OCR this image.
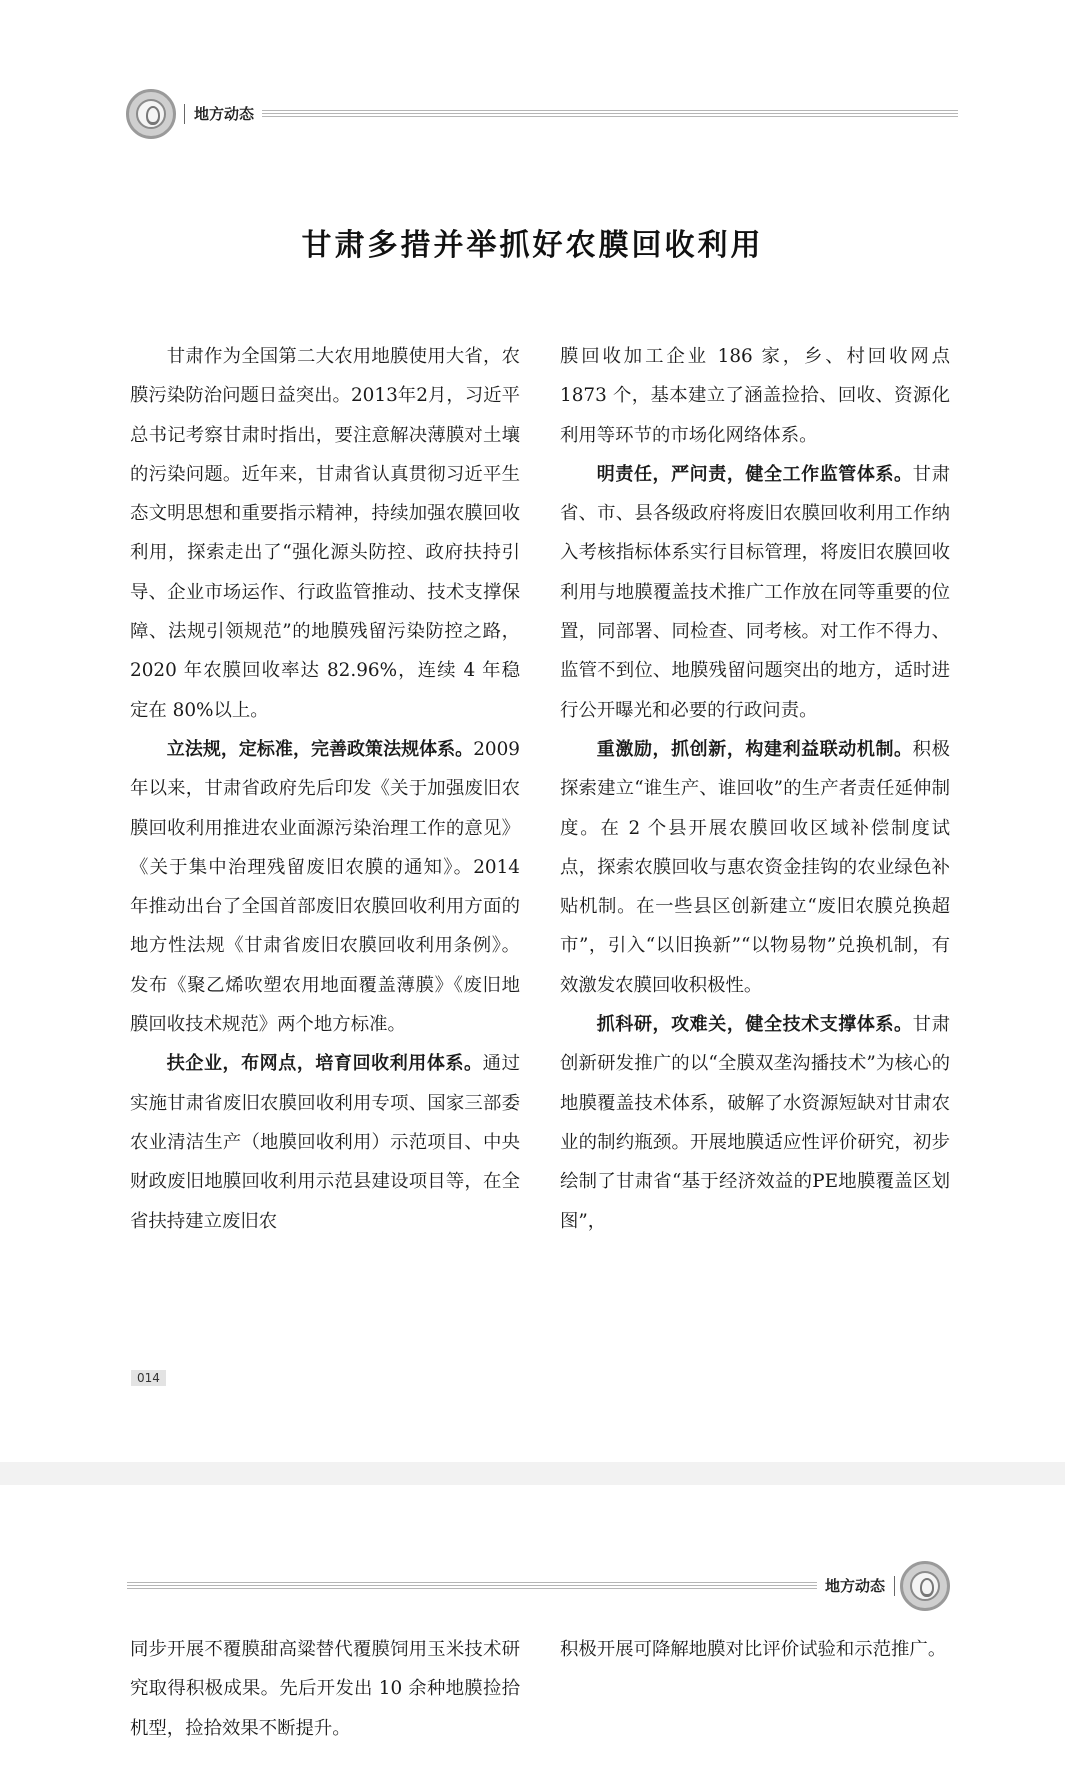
地方动态
甘肃多措并举抓好农膜回收利用

甘肃作为全国第二大农用地膜使用大省，农膜污染防治问题日益突出。2013年2月，习近平总书记考察甘肃时指出，要注意解决薄膜对土壤的污染问题。近年来，甘肃省认真贯彻习近平生态文明思想和重要指示精神，持续加强农膜回收利用，探索走出了“强化源头防控、政府扶持引导、企业市场运作、行政监管推动、技术支撑保障、法规引领规范”的地膜残留污染防控之路，2020 年农膜回收率达 82.96%，连续 4 年稳定在 80%以上。

立法规，定标准，完善政策法规体系。2009 年以来，甘肃省政府先后印发《关于加强废旧农膜回收利用推进农业面源污染治理工作的意见》《关于集中治理残留废旧农膜的通知》。2014 年推动出台了全国首部废旧农膜回收利用方面的地方性法规《甘肃省废旧农膜回收利用条例》。发布《聚乙烯吹塑农用地面覆盖薄膜》《废旧地膜回收技术规范》两个地方标准。

扶企业，布网点，培育回收利用体系。通过实施甘肃省废旧农膜回收利用专项、国家三部委农业清洁生产（地膜回收利用）示范项目、中央财政废旧地膜回收利用示范县建设项目等，在全省扶持建立废旧农

膜回收加工企业 186 家，乡、村回收网点 1873 个，基本建立了涵盖捡拾、回收、资源化利用等环节的市场化网络体系。

明责任，严问责，健全工作监管体系。甘肃省、市、县各级政府将废旧农膜回收利用工作纳入考核指标体系实行目标管理，将废旧农膜回收利用与地膜覆盖技术推广工作放在同等重要的位置，同部署、同检查、同考核。对工作不得力、监管不到位、地膜残留问题突出的地方，适时进行公开曝光和必要的行政问责。

重激励，抓创新，构建利益联动机制。积极探索建立“谁生产、谁回收”的生产者责任延伸制度。在 2 个县开展农膜回收区域补偿制度试点，探索农膜回收与惠农资金挂钩的农业绿色补贴机制。在一些县区创新建立“废旧农膜兑换超市”，引入“以旧换新”“以物易物”兑换机制，有效激发农膜回收积极性。

抓科研，攻难关，健全技术支撑体系。甘肃创新研发推广的以“全膜双垄沟播技术”为核心的地膜覆盖技术体系，破解了水资源短缺对甘肃农业的制约瓶颈。开展地膜适应性评价研究，初步绘制了甘肃省“基于经济效益的PE地膜覆盖区划图”，

014
地方动态

同步开展不覆膜甜高粱替代覆膜饲用玉米技术研究取得积极成果。先后开发出 10 余种地膜捡拾机型，捡拾效果不断提升。

积极开展可降解地膜对比评价试验和示范推广。
